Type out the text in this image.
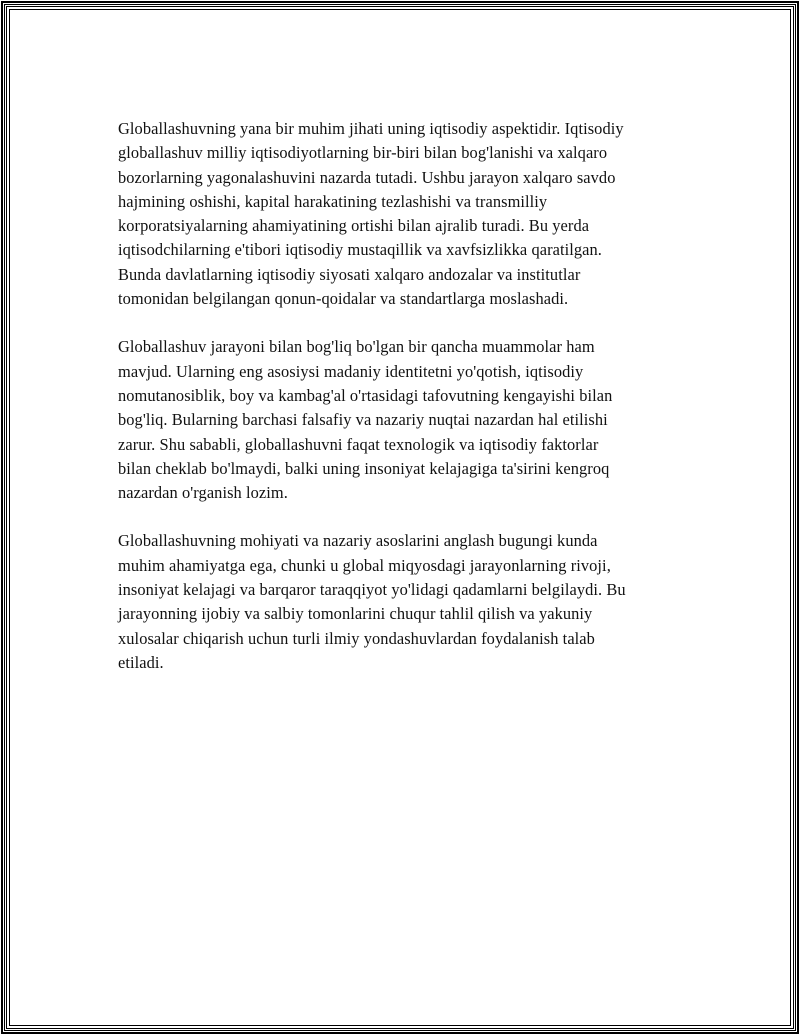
Globallashuvning yana bir muhim jihati uning iqtisodiy aspektidir. Iqtisodiy
globallashuv milliy iqtisodiyotlarning bir-biri bilan bog'lanishi va xalqaro
bozorlarning yagonalashuvini nazarda tutadi. Ushbu jarayon xalqaro savdo
hajmining oshishi, kapital harakatining tezlashishi va transmilliy
korporatsiyalarning ahamiyatining ortishi bilan ajralib turadi. Bu yerda
iqtisodchilarning e'tibori iqtisodiy mustaqillik va xavfsizlikka qaratilgan.
Bunda davlatlarning iqtisodiy siyosati xalqaro andozalar va institutlar
tomonidan belgilangan qonun-qoidalar va standartlarga moslashadi.

Globallashuv jarayoni bilan bog'liq bo'lgan bir qancha muammolar ham
mavjud. Ularning eng asosiysi madaniy identitetni yo'qotish, iqtisodiy
nomutanosiblik, boy va kambag'al o'rtasidagi tafovutning kengayishi bilan
bog'liq. Bularning barchasi falsafiy va nazariy nuqtai nazardan hal etilishi
zarur. Shu sababli, globallashuvni faqat texnologik va iqtisodiy faktorlar
bilan cheklab bo'lmaydi, balki uning insoniyat kelajagiga ta'sirini kengroq
nazardan o'rganish lozim.

Globallashuvning mohiyati va nazariy asoslarini anglash bugungi kunda
muhim ahamiyatga ega, chunki u global miqyosdagi jarayonlarning rivoji,
insoniyat kelajagi va barqaror taraqqiyot yo'lidagi qadamlarni belgilaydi. Bu
jarayonning ijobiy va salbiy tomonlarini chuqur tahlil qilish va yakuniy
xulosalar chiqarish uchun turli ilmiy yondashuvlardan foydalanish talab
etiladi.
